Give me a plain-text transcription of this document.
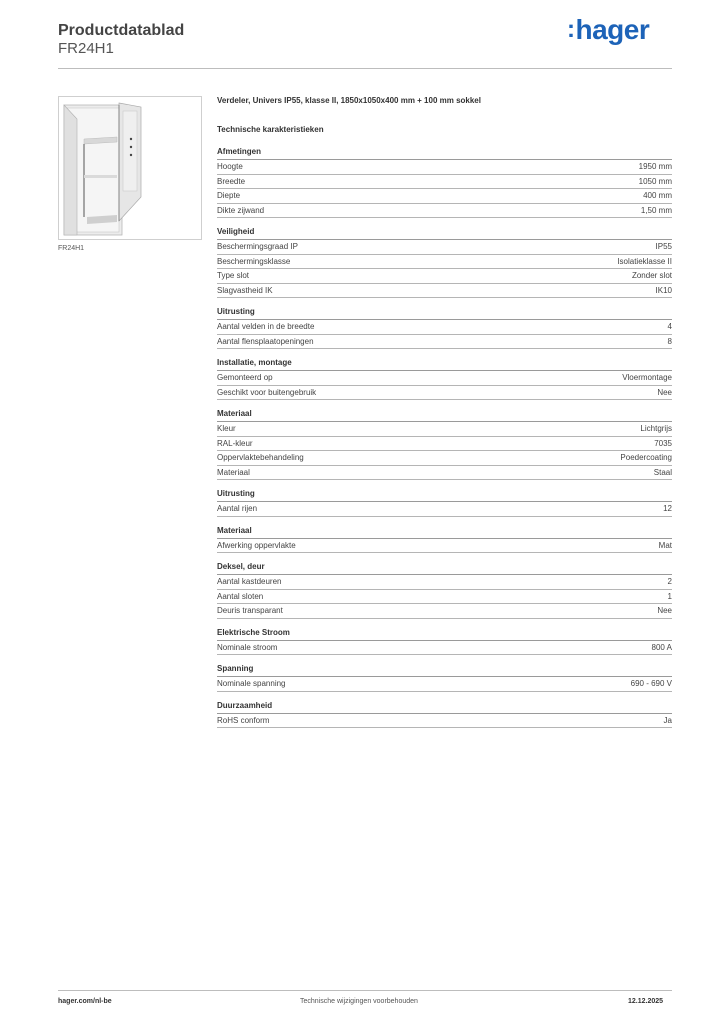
Productdatablad
FR24H1
:hager
FR24H1
Verdeler, Univers IP55, klasse II, 1850x1050x400 mm + 100 mm sokkel
Technische karakteristieken
Afmetingen
Hoogte	1950 mm
Breedte	1050 mm
Diepte	400 mm
Dikte zijwand	1,50 mm
Veiligheid
Beschermingsgraad IP	IP55
Beschermingsklasse	Isolatieklasse II
Type slot	Zonder slot
Slagvastheid IK	IK10
Uitrusting
Aantal velden in de breedte	4
Aantal flensplaatopeningen	8
Installatie, montage
Gemonteerd op	Vloermontage
Geschikt voor buitengebruik	Nee
Materiaal
Kleur	Lichtgrijs
RAL-kleur	7035
Oppervlaktebehandeling	Poedercoating
Materiaal	Staal
Uitrusting
Aantal rijen	12
Materiaal
Afwerking oppervlakte	Mat
Deksel, deur
Aantal kastdeuren	2
Aantal sloten	1
Deuris transparant	Nee
Elektrische Stroom
Nominale stroom	800 A
Spanning
Nominale spanning	690 - 690 V
Duurzaamheid
RoHS conform	Ja
hager.com/nl-be	Technische wijzigingen voorbehouden	12.12.2025
